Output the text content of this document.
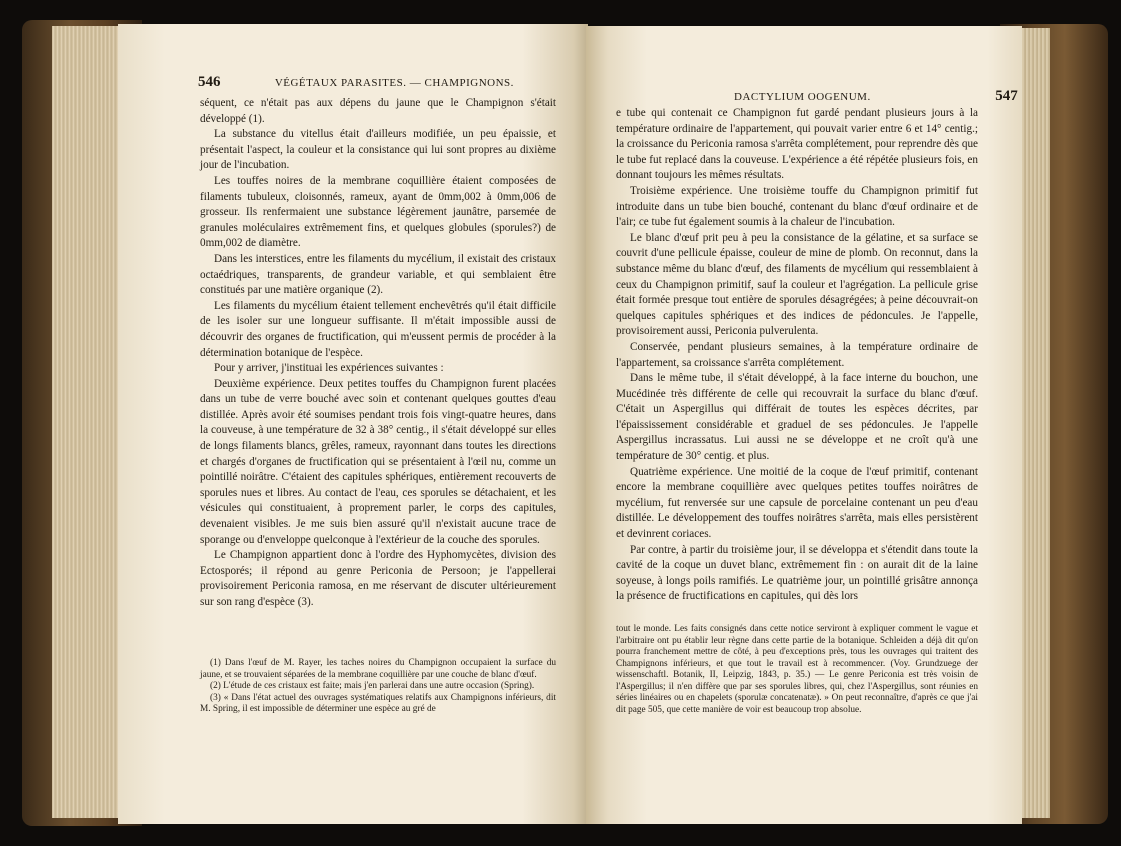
546	VÉGÉTAUX PARASITES. — CHAMPIGNONS.

séquent, ce n'était pas aux dépens du jaune que le Champignon s'était développé (1).

La substance du vitellus était d'ailleurs modifiée, un peu épaissie, et présentait l'aspect, la couleur et la consistance qui lui sont propres au dixième jour de l'incubation.

Les touffes noires de la membrane coquillière étaient composées de filaments tubuleux, cloisonnés, rameux, ayant de 0mm,002 à 0mm,006 de grosseur. Ils renfermaient une substance légèrement jaunâtre, parsemée de granules moléculaires extrêmement fins, et quelques globules (sporules?) de 0mm,002 de diamètre.

Dans les interstices, entre les filaments du mycélium, il existait des cristaux octaédriques, transparents, de grandeur variable, et qui semblaient être constitués par une matière organique (2).

Les filaments du mycélium étaient tellement enchevêtrés qu'il était difficile de les isoler sur une longueur suffisante. Il m'était impossible aussi de découvrir des organes de fructification, qui m'eussent permis de procéder à la détermination botanique de l'espèce.

Pour y arriver, j'instituai les expériences suivantes :

Deuxième expérience. Deux petites touffes du Champignon furent placées dans un tube de verre bouché avec soin et contenant quelques gouttes d'eau distillée. Après avoir été soumises pendant trois fois vingt-quatre heures, dans la couveuse, à une température de 32 à 38° centig., il s'était développé sur elles de longs filaments blancs, grêles, rameux, rayonnant dans toutes les directions et chargés d'organes de fructification qui se présentaient à l'œil nu, comme un pointillé noirâtre. C'étaient des capitules sphériques, entièrement recouverts de sporules nues et libres. Au contact de l'eau, ces sporules se détachaient, et les vésicules qui constituaient, à proprement parler, le corps des capitules, devenaient visibles. Je me suis bien assuré qu'il n'existait aucune trace de sporange ou d'enveloppe quelconque à l'extérieur de la couche des sporules.

Le Champignon appartient donc à l'ordre des Hyphomycètes, division des Ectosporés; il répond au genre Periconia de Persoon; je l'appellerai provisoirement Periconia ramosa, en me réservant de discuter ultérieurement sur son rang d'espèce (3).

(1) Dans l'œuf de M. Rayer, les taches noires du Champignon occupaient la surface du jaune, et se trouvaient séparées de la membrane coquillière par une couche de blanc d'œuf.

(2) L'étude de ces cristaux est faite; mais j'en parlerai dans une autre occasion (Spring).

(3) « Dans l'état actuel des ouvrages systématiques relatifs aux Champignons inférieurs, dit M. Spring, il est impossible de déterminer une espèce au gré de

DACTYLIUM OOGENUM.	547

e tube qui contenait ce Champignon fut gardé pendant plusieurs jours à la température ordinaire de l'appartement, qui pouvait varier entre 6 et 14° centig.; la croissance du Periconia ramosa s'arrêta complétement, pour reprendre dès que le tube fut replacé dans la couveuse. L'expérience a été répétée plusieurs fois, en donnant toujours les mêmes résultats.

Troisième expérience. Une troisième touffe du Champignon primitif fut introduite dans un tube bien bouché, contenant du blanc d'œuf ordinaire et de l'air; ce tube fut également soumis à la chaleur de l'incubation.

Le blanc d'œuf prit peu à peu la consistance de la gélatine, et sa surface se couvrit d'une pellicule épaisse, couleur de mine de plomb. On reconnut, dans la substance même du blanc d'œuf, des filaments de mycélium qui ressemblaient à ceux du Champignon primitif, sauf la couleur et l'agrégation. La pellicule grise était formée presque tout entière de sporules désagrégées; à peine découvrait-on quelques capitules sphériques et des indices de pédoncules. Je l'appelle, provisoirement aussi, Periconia pulverulenta.

Conservée, pendant plusieurs semaines, à la température ordinaire de l'appartement, sa croissance s'arrêta complétement.

Dans le même tube, il s'était développé, à la face interne du bouchon, une Mucédinée très différente de celle qui recouvrait la surface du blanc d'œuf. C'était un Aspergillus qui différait de toutes les espèces décrites, par l'épaississement considérable et graduel de ses pédoncules. Je l'appelle Aspergillus incrassatus. Lui aussi ne se développe et ne croît qu'à une température de 30° centig. et plus.

Quatrième expérience. Une moitié de la coque de l'œuf primitif, contenant encore la membrane coquillière avec quelques petites touffes noirâtres de mycélium, fut renversée sur une capsule de porcelaine contenant un peu d'eau distillée. Le développement des touffes noirâtres s'arrêta, mais elles persistèrent et devinrent coriaces.

Par contre, à partir du troisième jour, il se développa et s'étendit dans toute la cavité de la coque un duvet blanc, extrêmement fin : on aurait dit de la laine soyeuse, à longs poils ramifiés. Le quatrième jour, un pointillé grisâtre annonça la présence de fructifications en capitules, qui dès lors

tout le monde. Les faits consignés dans cette notice serviront à expliquer comment le vague et l'arbitraire ont pu établir leur règne dans cette partie de la botanique. Schleiden a déjà dit qu'on pourra franchement mettre de côté, à peu d'exceptions près, tous les ouvrages qui traitent des Champignons inférieurs, et que tout le travail est à recommencer. (Voy. Grundzuege der wissenschaftl. Botanik, II, Leipzig, 1843, p. 35.) — Le genre Periconia est très voisin de l'Aspergillus; il n'en diffère que par ses sporules libres, qui, chez l'Aspergillus, sont réunies en séries linéaires ou en chapelets (sporulæ concatenatæ). » On peut reconnaître, d'après ce que j'ai dit page 505, que cette manière de voir est beaucoup trop absolue.
